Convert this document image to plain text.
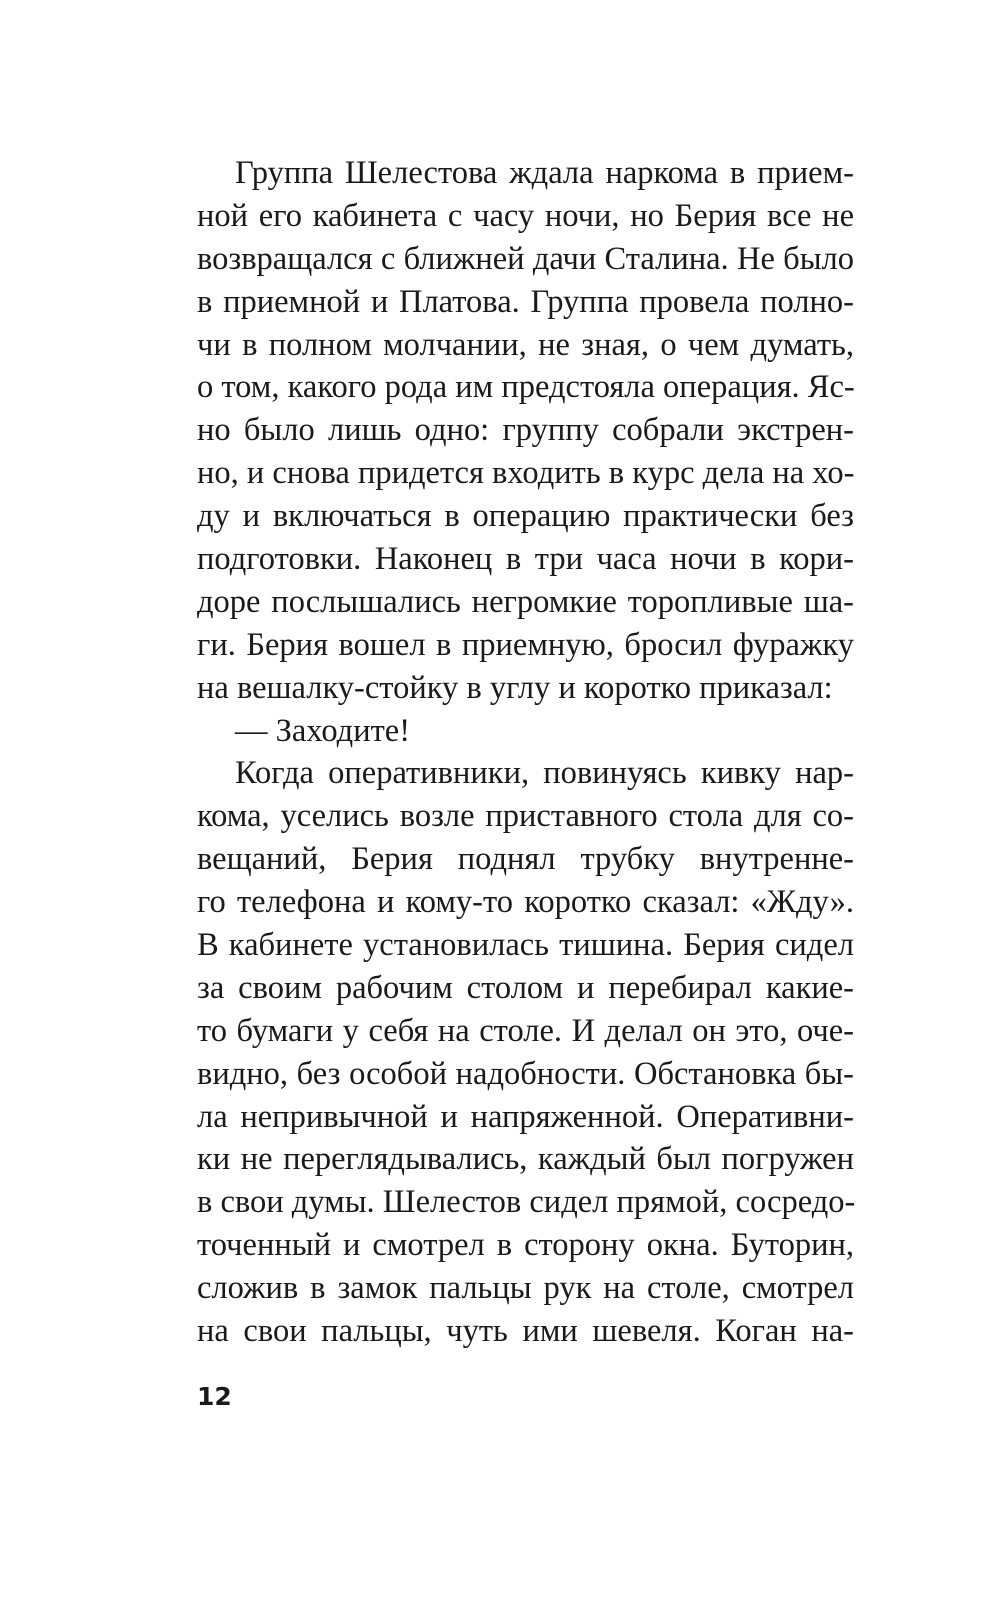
Группа Шелестова ждала наркома в прием-
ной его кабинета с часу ночи, но Берия все не
возвращался с ближней дачи Сталина. Не было
в приемной и Платова. Группа провела полно-
чи в полном молчании, не зная, о чем думать,
о том, какого рода им предстояла операция. Яс-
но было лишь одно: группу собрали экстрен-
но, и снова придется входить в курс дела на хо-
ду и включаться в операцию практически без
подготовки. Наконец в три часа ночи в кори-
доре послышались негромкие торопливые ша-
ги. Берия вошел в приемную, бросил фуражку
на вешалку-стойку в углу и коротко приказал:
— Заходите!
Когда оперативники, повинуясь кивку нар-
кома, уселись возле приставного стола для со-
вещаний, Берия поднял трубку внутренне-
го телефона и кому-то коротко сказал: «Жду».
В кабинете установилась тишина. Берия сидел
за своим рабочим столом и перебирал какие-
то бумаги у себя на столе. И делал он это, оче-
видно, без особой надобности. Обстановка бы-
ла непривычной и напряженной. Оперативни-
ки не переглядывались, каждый был погружен
в свои думы. Шелестов сидел прямой, сосредо-
точенный и смотрел в сторону окна. Буторин,
сложив в замок пальцы рук на столе, смотрел
на свои пальцы, чуть ими шевеля. Коган на-
12
